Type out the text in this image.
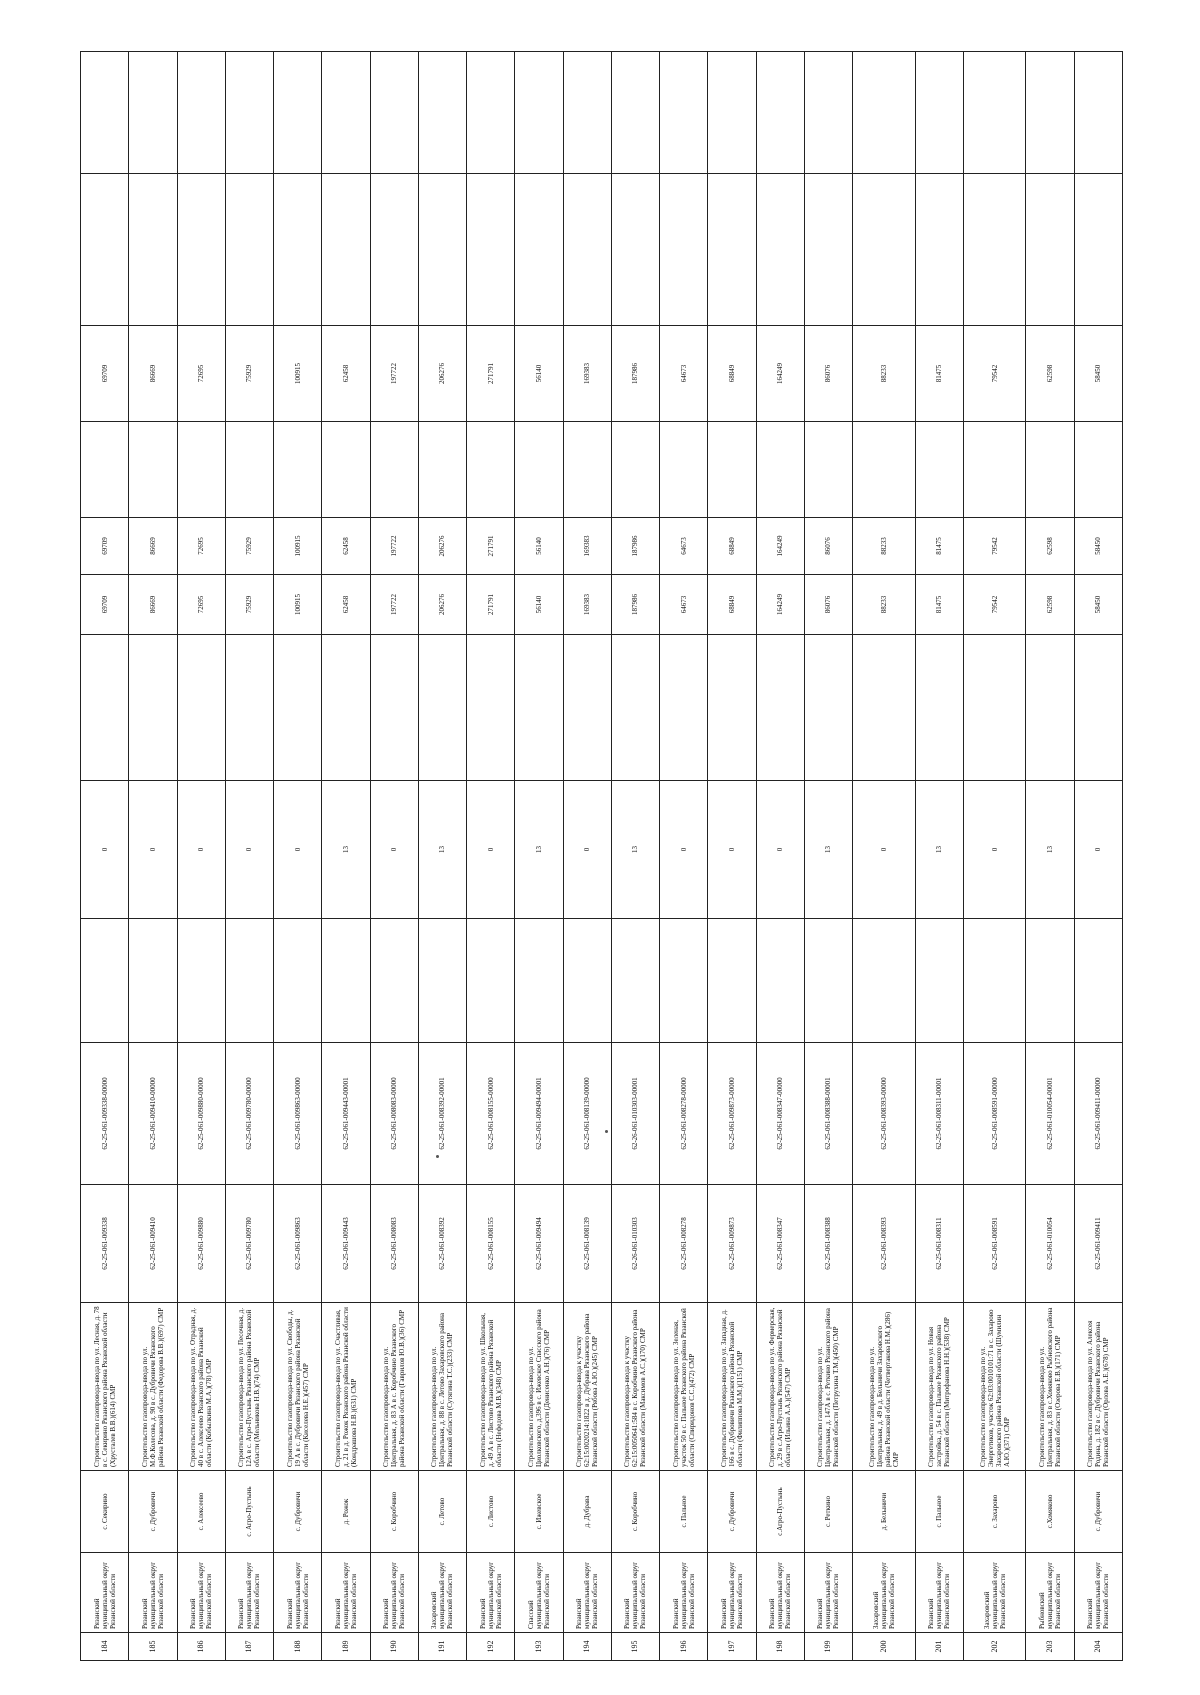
184	Рязанский муниципальный округ Рязанской области	с. Секирино	Строительство газопровода-ввода по ул. Лесная, д. 78 в с. Секирино Рязанского района Рязанской области (Хрусталев В.В.)(614) СМР	62-25-061-009338	62-25-061-009338-00000		0		69709	69709		69709		
185	Рязанский муниципальный округ Рязанской области	с. Дубровичи	Строительство газопровода-ввода по ул. М.Ф.Колесова, д. 90 в с. Дубровичи Рязанского района Рязанской области (Федорова В.В.)(697) СМР	62-25-061-009410	62-25-061-009410-00000		0		86669	86669		86669		
186	Рязанский муниципальный округ Рязанской области	с. Алексеево	Строительство газопровода-ввода по ул. Отрадная, д. 40 в с. Алексеево Рязанского района Рязанской области (Кобылкина М.А.)(78) СМР	62-25-061-009880	62-25-061-009880-00000		0		72695	72695		72695		
187	Рязанский муниципальный округ Рязанской области	с. Агро-Пустынь	Строительство газопровода-ввода по ул. Песочная, д. 12А в с. Агро-Пустынь Рязанского района Рязанской области (Мельникова Н.В.)(74) СМР	62-25-061-009780	62-25-061-009780-00000		0		75929	75929		75929		
188	Рязанский муниципальный округ Рязанской области	с. Дубровичи	Строительство газопровода-ввода по ул. Свободы, д. 19 А в с. Дубровичи Рязанского района Рязанской области (Киселева Н.Е.)(457) СМР	62-25-061-009863	62-25-061-009863-00000		0		100915	100915		100915		
189	Рязанский муниципальный округ Рязанской области	д. Рожок	Строительство газопровода-ввода по ул. Счастливая, д. 21 в д. Рожок Рязанского района Рязанской области (Кондрашова Н.В.)(631) СМР	62-25-061-009443	62-25-061-009443-00001		13		62458	62458		62458		
190	Рязанский муниципальный округ Рязанской области	с. Коробчино	Строительство газопровода-ввода по ул. Центральная, д. 83 А в с. Коробчино Рязанского района Рязанской области (Гаврилов Ю.В.)(36) СМР	62-25-061-008083	62-25-061-008083-00000		0		197722	197722		197722		
191	Захаровский муниципальный округ Рязанской области	с. Летово	Строительство газопровода-ввода по ул. Центральная, д. 88 в с. Летово Захаровского района Рязанской области (Сутягина Т.С.)(233) СМР	62-25-061-008392	62-25-061-008392-00001		13		206276	206276		206276		
192	Рязанский муниципальный округ Рязанской области	с. Листово	Строительство газопровода-ввода по ул. Школьная, д. 49 А в с. Листово Рязанского района Рязанской области (Нефедова М.В.)(348) СМР	62-25-061-008155	62-25-061-008155-00000		0		271791	271791		271791		
193	Спасский муниципальный округ Рязанской области	с. Ижевское	Строительство газопровода-ввода по ул. Циолковского, д.396 в с. Ижевское Спасского района Рязанской области (Денисенко А.Н.)(76) СМР	62-25-061-009494	62-25-061-009494-00001		13		56140	56140		56140		
194	Рязанский муниципальный округ Рязанской области	д. Дубрава	Строительство газопровода-ввода к участку 62:15:0020214:1822 в д. Дубрава Рязанского района Рязанской области (Рябова А.Ю.)(245) СМР	62-25-061-008139	62-25-061-008139-00000		0		169383	169383		169383		
195	Рязанский муниципальный округ Рязанской области	с. Коробчино	Строительство газопровода-ввода к участку 62:15:0050641:584 в с. Коробчино Рязанского района Рязанской области (Максимов А.С.)(170) СМР	62-26-061-010303	62-26-061-010303-00001		13		187986	187986		187986		
196	Рязанский муниципальный округ Рязанской области	с. Пальное	Строительство газопровода-ввода по ул. Зеленая, участок 50 в с. Пальное Рязанского района Рязанской области (Спиридонов С.С.)(472) СМР	62-25-061-008278	62-25-061-008278-00000		0		64673	64673		64673		
197	Рязанский муниципальный округ Рязанской области	с. Дубровичи	Строительство газопровода-ввода по ул. Западная, д. 166 в с. Дубровичи Рязанского района Рязанской области (Филиппова М.М.)(1151) СМР	62-25-061-009873	62-25-061-009873-00000		0		68849	68849		68849		
198	Рязанский муниципальный округ Рязанской области	с.Агро-Пустынь	Строительство газопровода-ввода по ул. Фермерская, д. 29 в с.Агро-Пустынь Рязанского района Рязанской области (Ильина А.А.)(547) СМР	62-25-061-008347	62-25-061-008347-00000		0		164249	164249		164249		
199	Рязанский муниципальный округ Рязанской области	с. Реткино	Строительство газопровода-ввода по ул. Центральная, д. 147А в с. Реткино Рязанского района Рязанской области (Петрухина Т.М.)(450) СМР	62-25-061-008388	62-25-061-008388-00001		13		86076	86076		86076		
200	Захаровский муниципальный округ Рязанской области	д. Белыничи	Строительство газопровода-ввода по ул. Центральная, д. 49 в д. Белыничи Захаровского района Рязанской области (Четвертакова Н.М.)(286) СМР	62-25-061-008393	62-25-061-008393-00000		0		88233	88233		88233		
201	Рязанский муниципальный округ Рязанской области	с. Пальное	Строительство газопровода-ввода по ул. Новая застройка, д. 54 в с. Пальное Рязанского района Рязанской области (Митрофанова Н.Н.)(538) СМР	62-25-061-008311	62-25-061-008311-00001		13		81475	81475		81475		
202	Захаровский муниципальный округ Рязанской области	с. Захарово	Строительство газопровода-ввода по ул. Энергетиков, участок 62:03:0010101:71 в с. Захарово Захаровского района Рязанской области (Шумилин А.Ю.)(371) СМР	62-25-061-008591	62-25-061-008591-00000		0		79542	79542		79542		
203	Рыбновский муниципальный округ Рязанской области	с.Хомяково	Строительство газопровода-ввода по ул. Центральная, д. 83 в с.Хомяково Рыбновского района Рязанской области (Озерова Е.В.)(171) СМР	62-25-061-010054	62-25-061-010054-00001		13		62598	62598		62598		
204	Рязанский муниципальный округ Рязанской области	с. Дубровичи	Строительство газопровода-ввода по ул. Алексея Родина, д. 182 в с. Дубровичи Рязанского района Рязанской области (Орлова А.Е.)(678) СМР	62-25-061-009411	62-25-061-009411-00000		0		58450	58450		58450		
